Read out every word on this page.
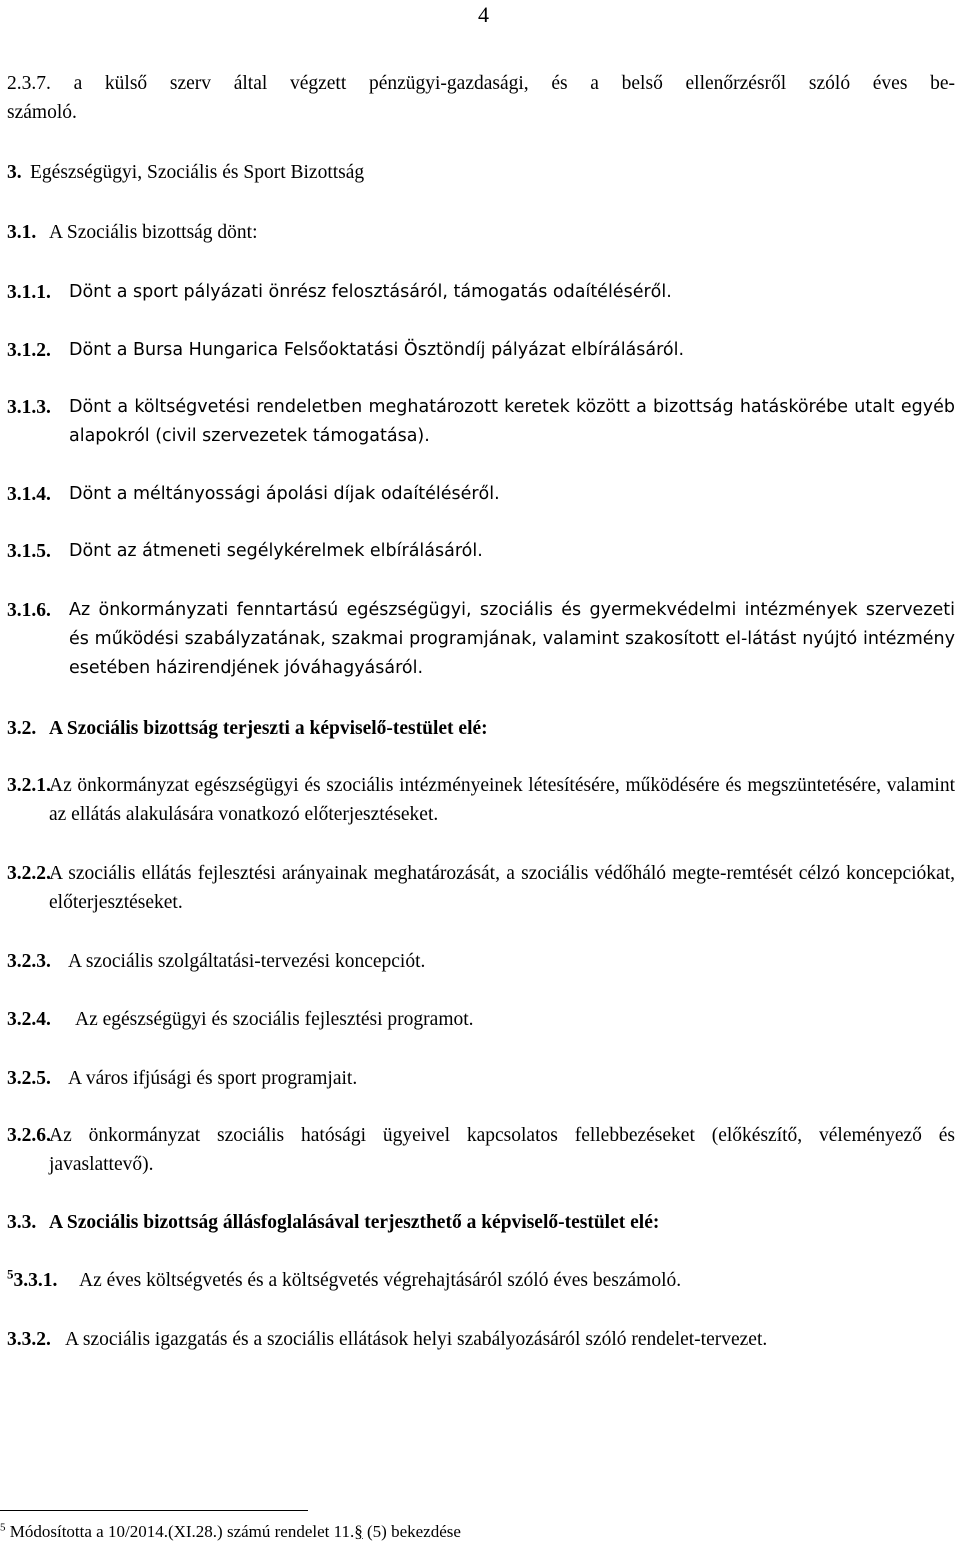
4
2.3.7. a külső szerv által végzett pénzügyi-gazdasági, és a belső ellenőrzésről szóló éves be-
számoló.
3. Egészségügyi, Szociális és Sport Bizottság
3.1. A Szociális bizottság dönt:
3.1.1.	Dönt a sport pályázati önrész felosztásáról, támogatás odaítéléséről.
3.1.2.	Dönt a Bursa Hungarica Felsőoktatási Ösztöndíj pályázat elbírálásáról.
3.1.3.	Dönt a költségvetési rendeletben meghatározott keretek között a bizottság hatáskörébe utalt egyéb alapokról (civil szervezetek támogatása).
3.1.4.	Dönt a méltányossági ápolási díjak odaítéléséről.
3.1.5.	Dönt az átmeneti segélykérelmek elbírálásáról.
3.1.6.	Az önkormányzati fenntartású egészségügyi, szociális és gyermekvédelmi intézmények szervezeti és működési szabályzatának, szakmai programjának, valamint szakosított el-látást nyújtó intézmény esetében házirendjének jóváhagyásáról.
3.2. A Szociális bizottság terjeszti a képviselő-testület elé:
3.2.1.
Az önkormányzat egészségügyi és szociális intézményeinek létesítésére, működésére és megszüntetésére, valamint az ellátás alakulására vonatkozó előterjesztéseket.
3.2.2.
A szociális ellátás fejlesztési arányainak meghatározását, a szociális védőháló megte-remtését célzó koncepciókat, előterjesztéseket.
3.2.3. A szociális szolgáltatási-tervezési koncepciót.
3.2.4.	Az egészségügyi és szociális fejlesztési programot.
3.2.5. A város ifjúsági és sport programjait.
3.2.6.
Az önkormányzat szociális hatósági ügyeivel kapcsolatos fellebbezéseket (előkészítő, véleményező és javaslattevő).
3.3. A Szociális bizottság állásfoglalásával terjeszthető a képviselő-testület elé:
$^5$3.3.1.	Az éves költségvetés és a költségvetés végrehajtásáról szóló éves beszámoló.
3.3.2. A szociális igazgatás és a szociális ellátások helyi szabályozásáról szóló rendelet-tervezet.
$^5$ Módosította a 10/2014.(XI.28.) számú rendelet 11.§ (5) bekezdése
